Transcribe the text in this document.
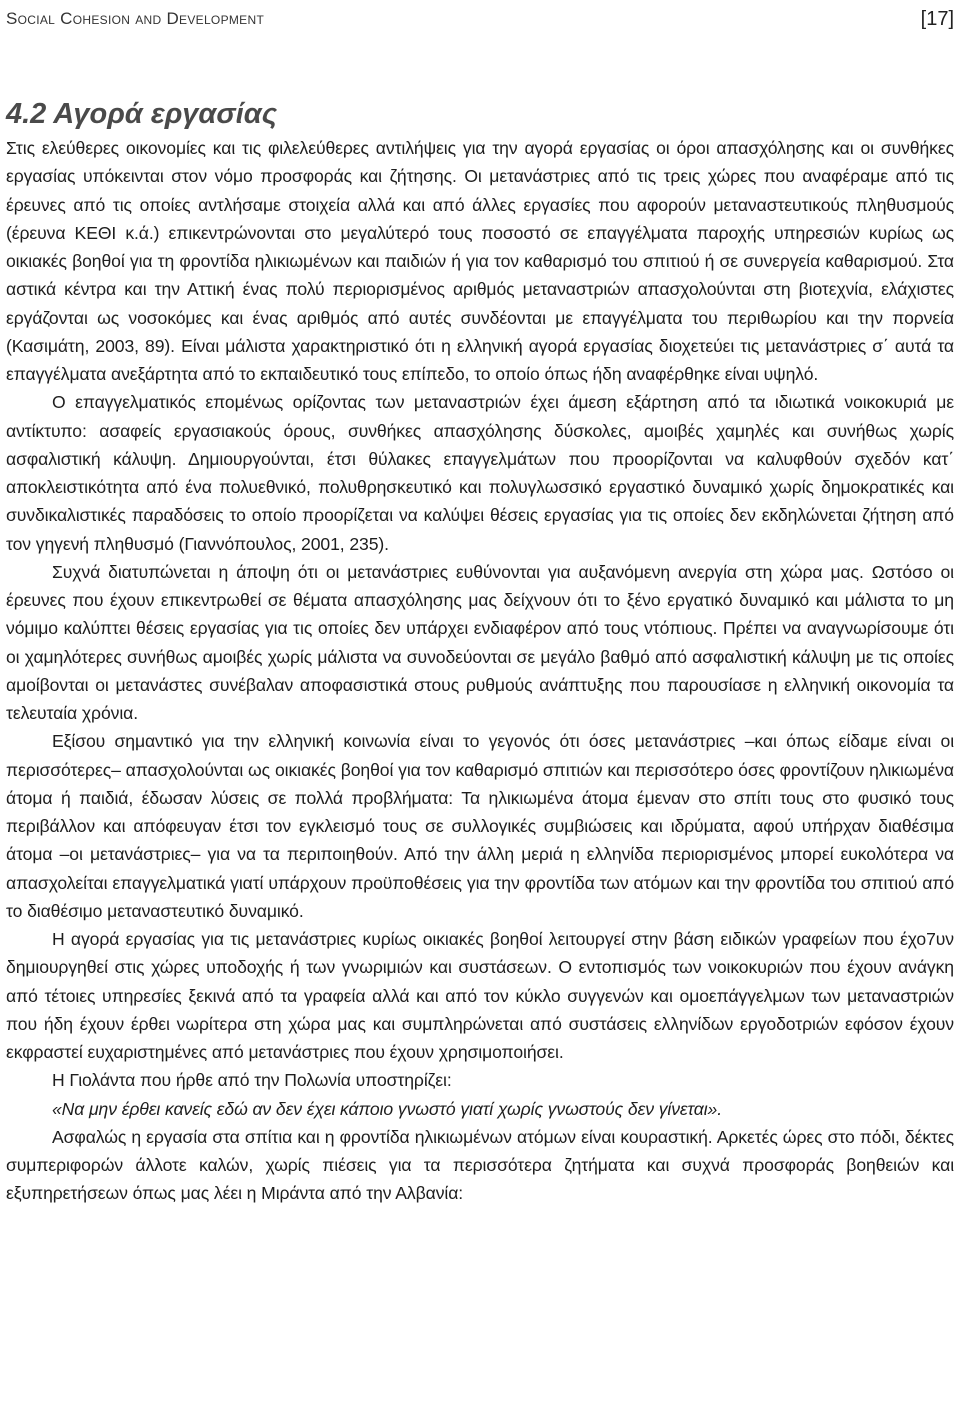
Social Cohesion and Development	[17]
4.2 Αγορά εργασίας

Στις ελεύθερες οικονομίες και τις φιλελεύθερες αντιλήψεις για την αγορά εργασίας οι όροι απασχόλησης και οι συνθήκες εργασίας υπόκεινται στον νόμο προσφοράς και ζήτησης. Οι μετανάστριες από τις τρεις χώρες που αναφέραμε από τις έρευνες από τις οποίες αντλήσαμε στοιχεία αλλά και από άλλες εργασίες που αφορούν μεταναστευτικούς πληθυσμούς (έρευνα ΚΕΘΙ κ.ά.) επικεντρώνονται στο μεγαλύτερό τους ποσοστό σε επαγγέλματα παροχής υπηρεσιών κυρίως ως οικιακές βοηθοί για τη φροντίδα ηλικιωμένων και παιδιών ή για τον καθαρισμό του σπιτιού ή σε συνεργεία καθαρισμού. Στα αστικά κέντρα και την Αττική ένας πολύ περιορισμένος αριθμός μεταναστριών απασχολούνται στη βιοτεχνία, ελάχιστες εργάζονται ως νοσοκόμες και ένας αριθμός από αυτές συνδέονται με επαγγέλματα του περιθωρίου και την πορνεία (Κασιμάτη, 2003, 89). Είναι μάλιστα χαρακτηριστικό ότι η ελληνική αγορά εργασίας διοχετεύει τις μετανάστριες σ΄ αυτά τα επαγγέλματα ανεξάρτητα από το εκπαιδευτικό τους επίπεδο, το οποίο όπως ήδη αναφέρθηκε είναι υψηλό.

Ο επαγγελματικός επομένως ορίζοντας των μεταναστριών έχει άμεση εξάρτηση από τα ιδιωτικά νοικοκυριά με αντίκτυπο: ασαφείς εργασιακούς όρους, συνθήκες απασχόλησης δύσκολες, αμοιβές χαμηλές και συνήθως χωρίς ασφαλιστική κάλυψη. Δημιουργούνται, έτσι θύλακες επαγγελμάτων που προορίζονται να καλυφθούν σχεδόν κατ΄ αποκλειστικότητα από ένα πολυεθνικό, πολυθρησκευτικό και πολυγλωσσικό εργαστικό δυναμικό χωρίς δημοκρατικές και συνδικαλιστικές παραδόσεις το οποίο προορίζεται να καλύψει θέσεις εργασίας για τις οποίες δεν εκδηλώνεται ζήτηση από τον γηγενή πληθυσμό (Γιαννόπουλος, 2001, 235).

Συχνά διατυπώνεται η άποψη ότι οι μετανάστριες ευθύνονται για αυξανόμενη ανεργία στη χώρα μας. Ωστόσο οι έρευνες που έχουν επικεντρωθεί σε θέματα απασχόλησης μας δείχνουν ότι το ξένο εργατικό δυναμικό και μάλιστα το μη νόμιμο καλύπτει θέσεις εργασίας για τις οποίες δεν υπάρχει ενδιαφέρον από τους ντόπιους. Πρέπει να αναγνωρίσουμε ότι οι χαμηλότερες συνήθως αμοιβές χωρίς μάλιστα να συνοδεύονται σε μεγάλο βαθμό από ασφαλιστική κάλυψη με τις οποίες αμοίβονται οι μετανάστες συνέβαλαν αποφασιστικά στους ρυθμούς ανάπτυξης που παρουσίασε η ελληνική οικονομία τα τελευταία χρόνια.

Εξίσου σημαντικό για την ελληνική κοινωνία είναι το γεγονός ότι όσες μετανάστριες –και όπως είδαμε είναι οι περισσότερες– απασχολούνται ως οικιακές βοηθοί για τον καθαρισμό σπιτιών και περισσότερο όσες φροντίζουν ηλικιωμένα άτομα ή παιδιά, έδωσαν λύσεις σε πολλά προβλήματα: Τα ηλικιωμένα άτομα έμεναν στο σπίτι τους στο φυσικό τους περιβάλλον και απόφευγαν έτσι τον εγκλεισμό τους σε συλλογικές συμβιώσεις και ιδρύματα, αφού υπήρχαν διαθέσιμα άτομα –οι μετανάστριες– για να τα περιποιηθούν. Από την άλλη μεριά η ελληνίδα περιορισμένος μπορεί ευκολότερα να απασχολείται επαγγελματικά γιατί υπάρχουν προϋποθέσεις για την φροντίδα των ατόμων και την φροντίδα του σπιτιού από το διαθέσιμο μεταναστευτικό δυναμικό.

Η αγορά εργασίας για τις μετανάστριες κυρίως οικιακές βοηθοί λειτουργεί στην βάση ειδικών γραφείων που έχο7υν δημιουργηθεί στις χώρες υποδοχής ή των γνωριμιών και συστάσεων. Ο εντοπισμός των νοικοκυριών που έχουν ανάγκη από τέτοιες υπηρεσίες ξεκινά από τα γραφεία αλλά και από τον κύκλο συγγενών και ομοεπάγγελμων των μεταναστριών που ήδη έχουν έρθει νωρίτερα στη χώρα μας και συμπληρώνεται από συστάσεις ελληνίδων εργοδοτριών εφόσον έχουν εκφραστεί ευχαριστημένες από μετανάστριες που έχουν χρησιμοποιήσει.

Η Γιολάντα που ήρθε από την Πολωνία υποστηρίζει:

«Να μην έρθει κανείς εδώ αν δεν έχει κάποιο γνωστό γιατί χωρίς γνωστούς δεν γίνεται».

Ασφαλώς η εργασία στα σπίτια και η φροντίδα ηλικιωμένων ατόμων είναι κουραστική. Αρκετές ώρες στο πόδι, δέκτες συμπεριφορών άλλοτε καλών, χωρίς πιέσεις για τα περισσότερα ζητήματα και συχνά προσφοράς βοηθειών και εξυπηρετήσεων όπως μας λέει η Μιράντα από την Αλβανία:
